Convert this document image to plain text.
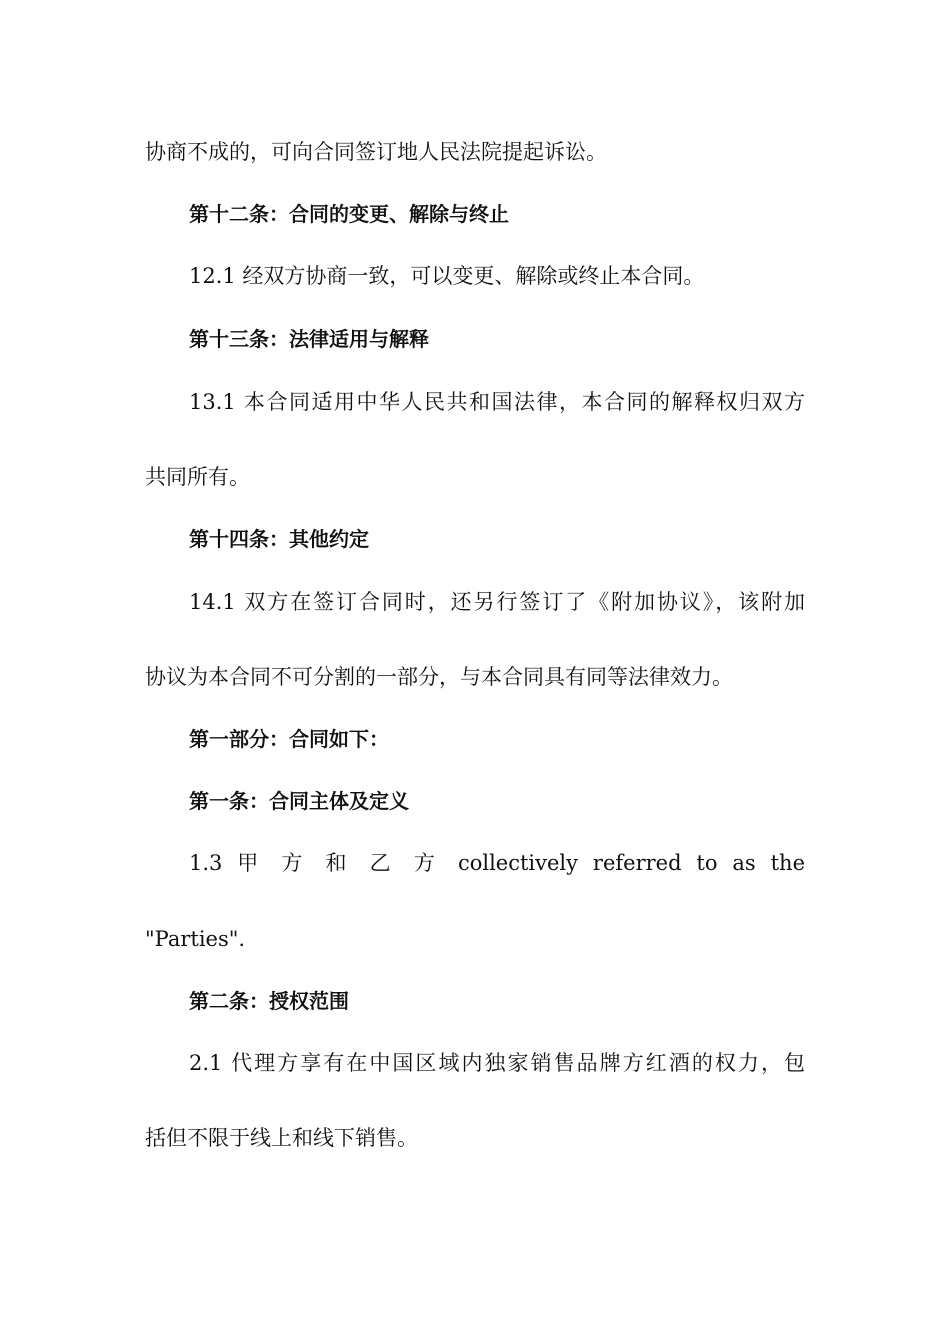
协商不成的，可向合同签订地人民法院提起诉讼。
第十二条：合同的变更、解除与终止
12.1 经双方协商一致，可以变更、解除或终止本合同。
第十三条：法律适用与解释
13.1 本合同适用中华人民共和国法律，本合同的解释权归双方
共同所有。
第十四条：其他约定
14.1 双方在签订合同时，还另行签订了《附加协议》，该附加
协议为本合同不可分割的一部分，与本合同具有同等法律效力。
第一部分：合同如下：
第一条：合同主体及定义
1.3 甲 方 和 乙 方 collectively referred to as the
"Parties".
第二条：授权范围
2.1 代理方享有在中国区域内独家销售品牌方红酒的权力，包
括但不限于线上和线下销售。
